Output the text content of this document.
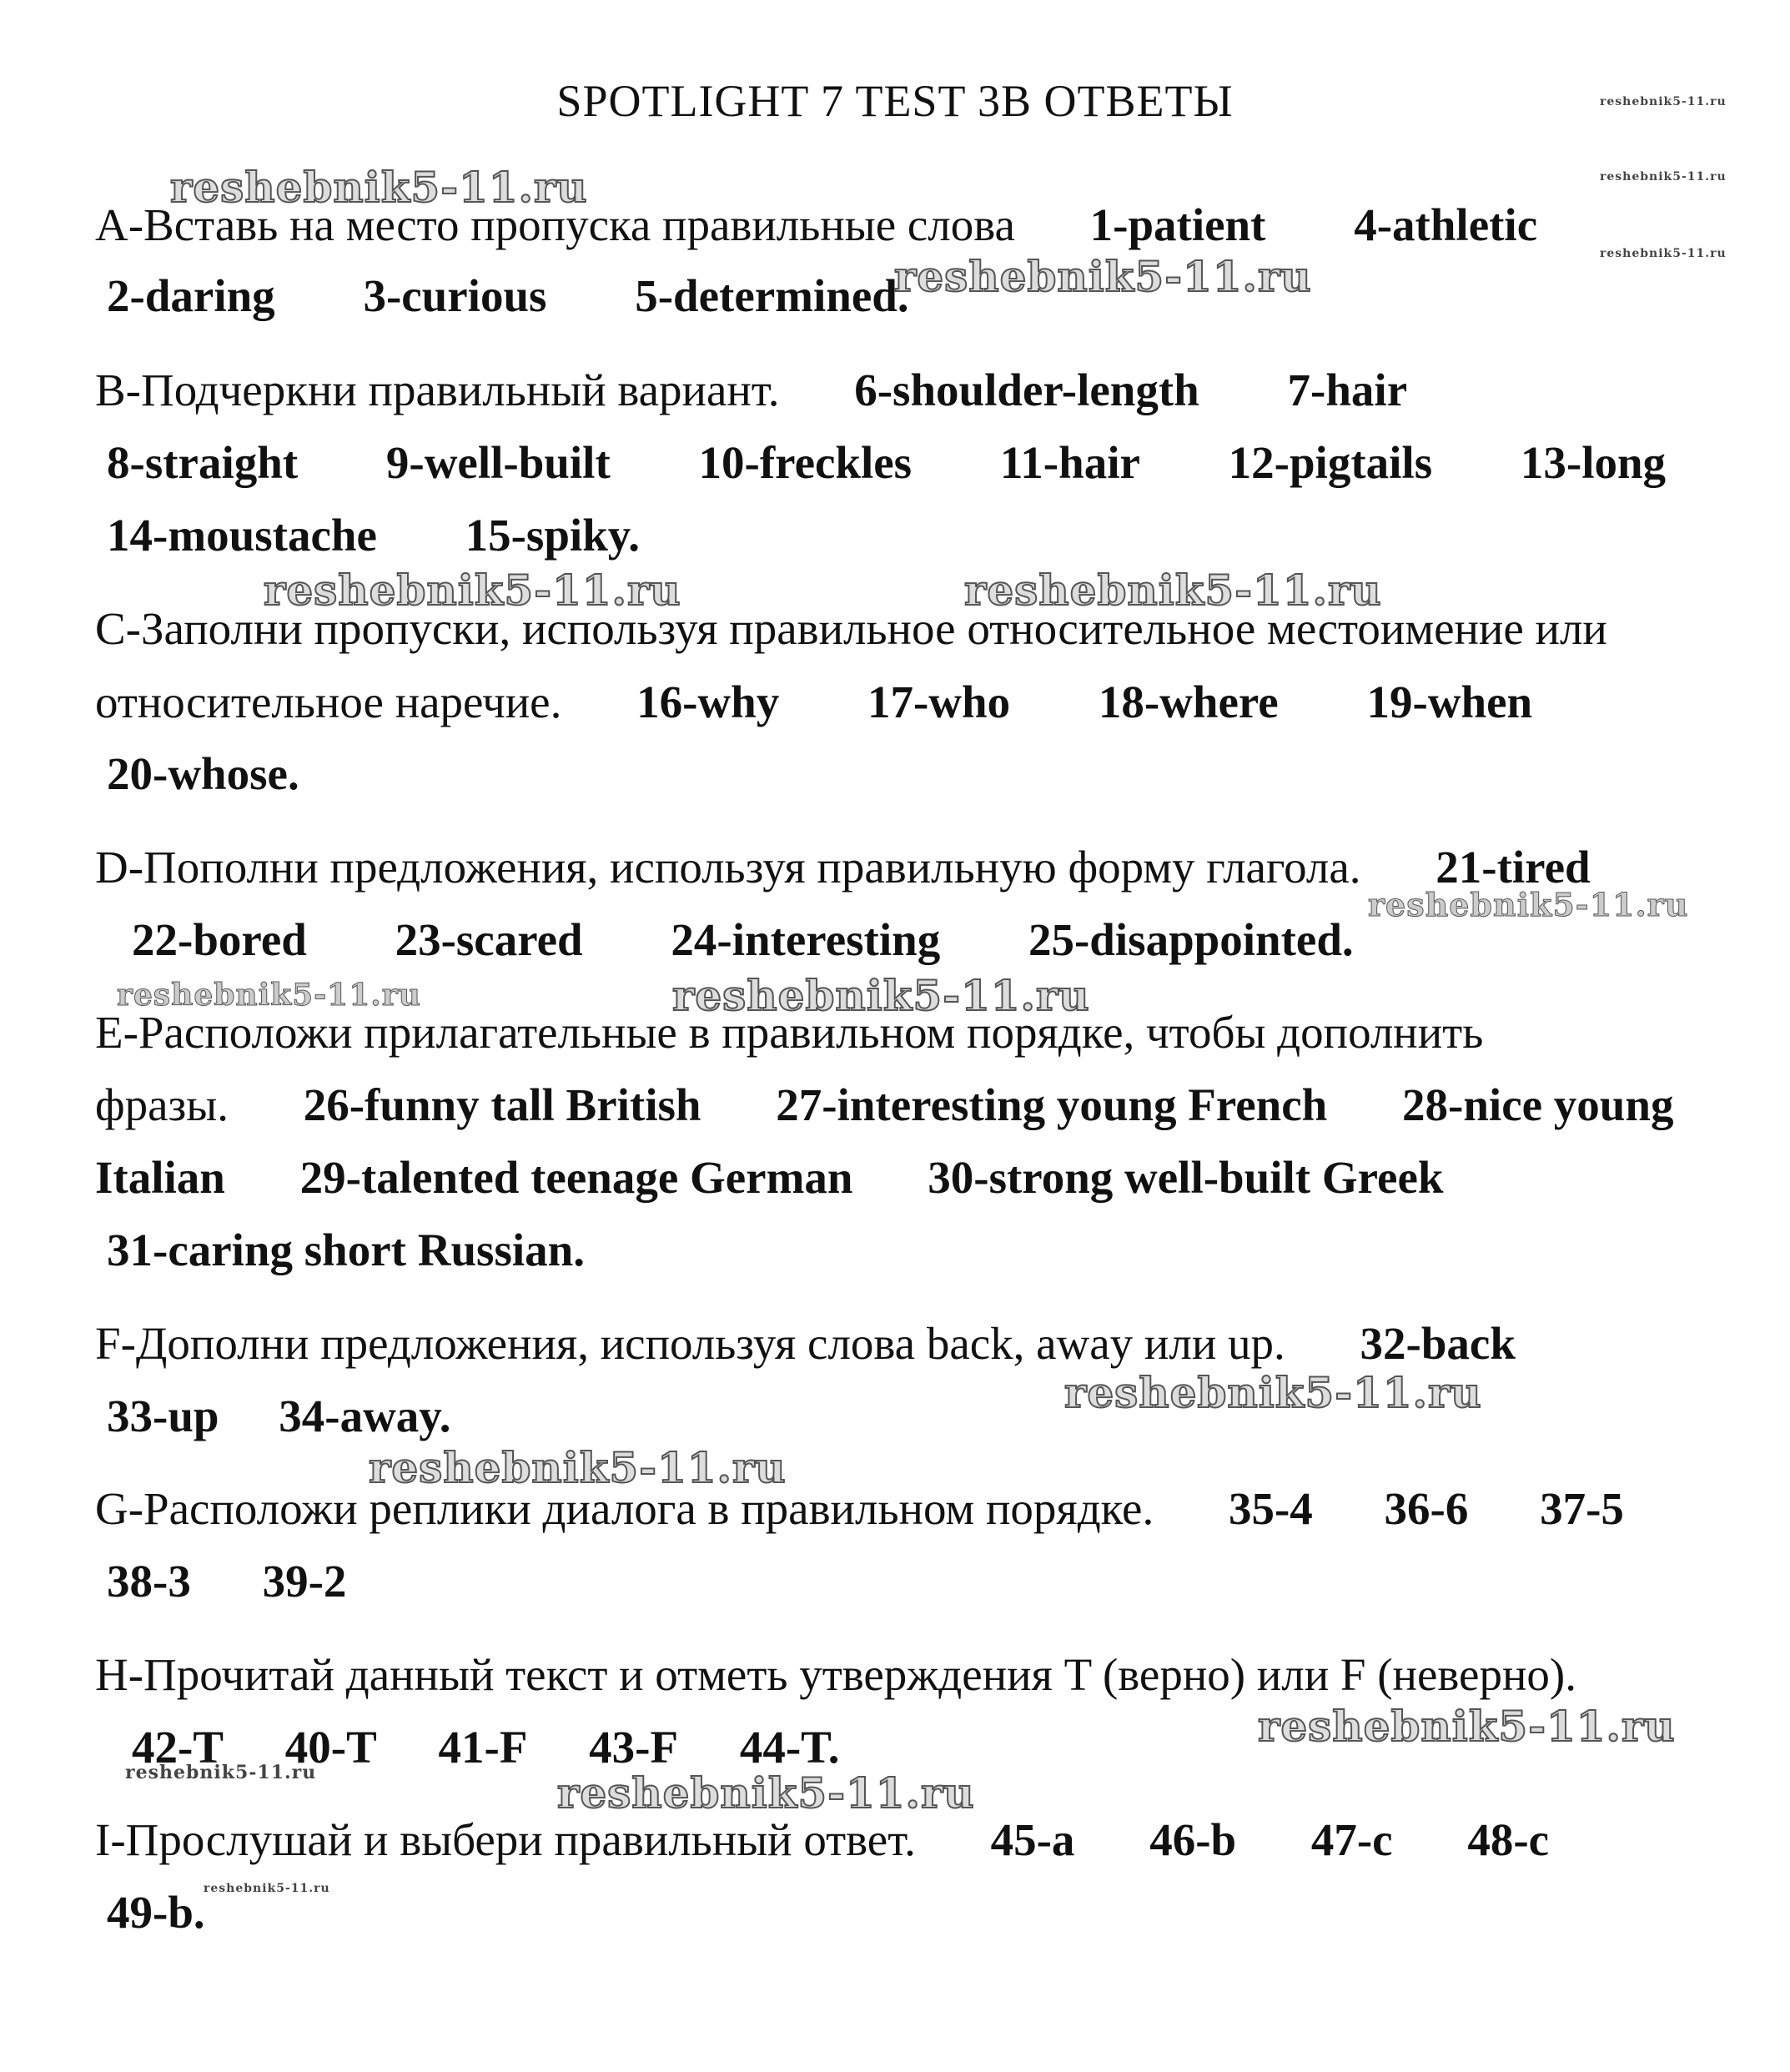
SPOTLIGHT 7 TEST 3В ОТВЕТЫ
A-Вставь на место пропуска правильные слова 1-patient 4-athletic
2-daring 3-curious 5-determined.
B-Подчеркни правильный вариант. 6-shoulder-length 7-hair
8-straight 9-well-built 10-freckles 11-hair 12-pigtails 13-long
14-moustache 15-spiky.
C-Заполни пропуски, используя правильное относительное местоимение или
относительное наречие. 16-why 17-who 18-where 19-when
20-whose.
D-Пополни предложения, используя правильную форму глагола. 21-tired
22-bored 23-scared 24-interesting 25-disappointed.
E-Расположи прилагательные в правильном порядке, чтобы дополнить
фразы. 26-funny tall British 27-interesting young French 28-nice young
Italian 29-talented teenage German 30-strong well-built Greek
31-caring short Russian.
F-Дополни предложения, используя слова back, away или up. 32-back
33-up 34-away.
G-Расположи реплики диалога в правильном порядке. 35-4 36-6 37-5
38-3 39-2
H-Прочитай данный текст и отметь утверждения T (верно) или F (неверно).
42-T 40-T 41-F 43-F 44-T.
I-Прослушай и выбери правильный ответ. 45-a 46-b 47-c 48-c
49-b.
reshebnik5-11.ru
reshebnik5-11.ru
reshebnik5-11.ru
reshebnik5-11.ru
reshebnik5-11.ru
reshebnik5-11.ru	reshebnik5-11.ru
reshebnik5-11.ru
reshebnik5-11.ru	reshebnik5-11.ru
reshebnik5-11.ru
reshebnik5-11.ru
reshebnik5-11.ru
reshebnik5-11.ru	reshebnik5-11.ru
reshebnik5-11.ru
